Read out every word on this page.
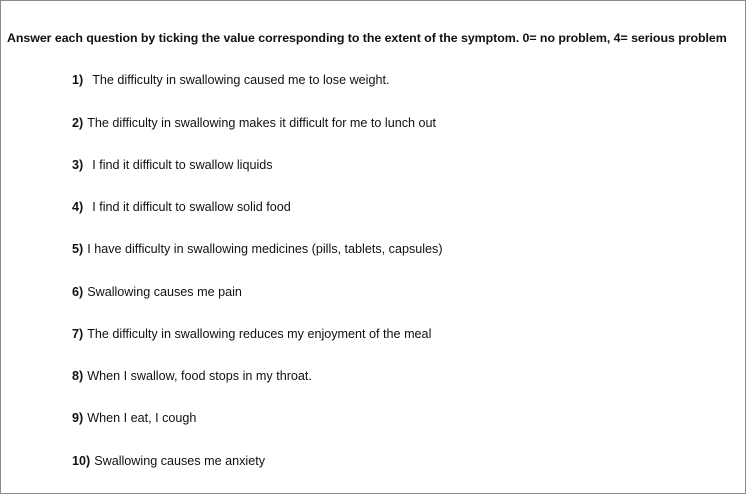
Answer each question by ticking the value corresponding to the extent of the symptom. 0= no problem, 4= serious problem
1) The difficulty in swallowing caused me to lose weight.
2) The difficulty in swallowing makes it difficult for me to lunch out
3) I find it difficult to swallow liquids
4) I find it difficult to swallow solid food
5) I have difficulty in swallowing medicines (pills, tablets, capsules)
6) Swallowing causes me pain
7) The difficulty in swallowing reduces my enjoyment of the meal
8) When I swallow, food stops in my throat.
9) When I eat, I cough
10) Swallowing causes me anxiety
